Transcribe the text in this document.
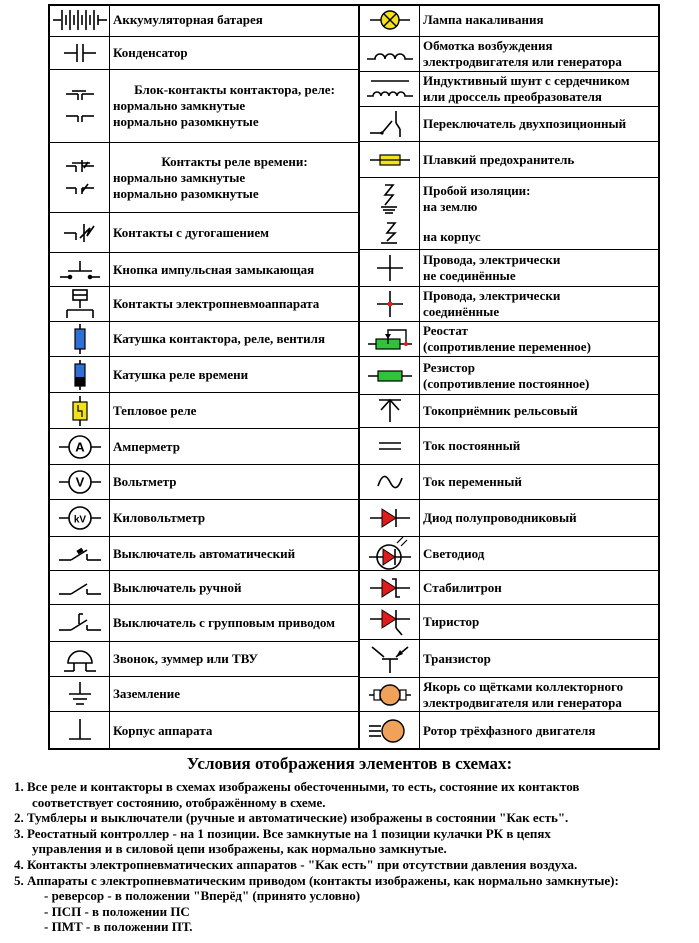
Аккумуляторная батарея
Конденсатор
Блок-контакты контактора, реле:
нормально замкнутые
нормально разомкнутые
Контакты реле времени:
нормально замкнутые
нормально разомкнутые
Контакты с дугогашением
Кнопка импульсная замыкающая
Контакты электропневмоаппарата
Катушка контактора, реле, вентиля
Катушка реле времени
Тепловое реле
A Амперметр
V Вольтметр
kV Киловольтметр
Выключатель автоматический
Выключатель ручной
Выключатель с групповым приводом
Звонок, зуммер или ТВУ
Заземление
Корпус аппарата
Лампа накаливания
Обмотка возбуждения
электродвигателя или генератора
Индуктивный шунт с сердечником
или дроссель преобразователя
Переключатель двухпозиционный
Плавкий предохранитель
Пробой изоляции:
на землю
на корпус
Провода, электрически
не соединённые
Провода, электрически
соединённые
Реостат
(сопротивление переменное)
Резистор
(сопротивление постоянное)
Токоприёмник рельсовый
Ток постоянный
Ток переменный
Диод полупроводниковый
Светодиод
Стабилитрон
Тиристор
Транзистор
Якорь со щётками коллекторного
электродвигателя или генератора
Ротор трёхфазного двигателя
Условия отображения элементов в схемах:
1. Все реле и контакторы в схемах изображены обесточенными, то есть, состояние их контактов
соответствует состоянию, отображённому в схеме.
2. Тумблеры и выключатели (ручные и автоматические) изображены в состоянии "Как есть".
3. Реостатный контроллер - на 1 позиции. Все замкнутые на 1 позиции кулачки РК в цепях
управления и в силовой цепи изображены, как нормально замкнутые.
4. Контакты электропневматических аппаратов - "Как есть" при отсутствии давления воздуха.
5. Аппараты с электропневматическим приводом (контакты изображены, как нормально замкнутые):
- реверсор - в положении "Вперёд" (принято условно)
- ПСП - в положении ПС
- ПМТ - в положении ПТ.
